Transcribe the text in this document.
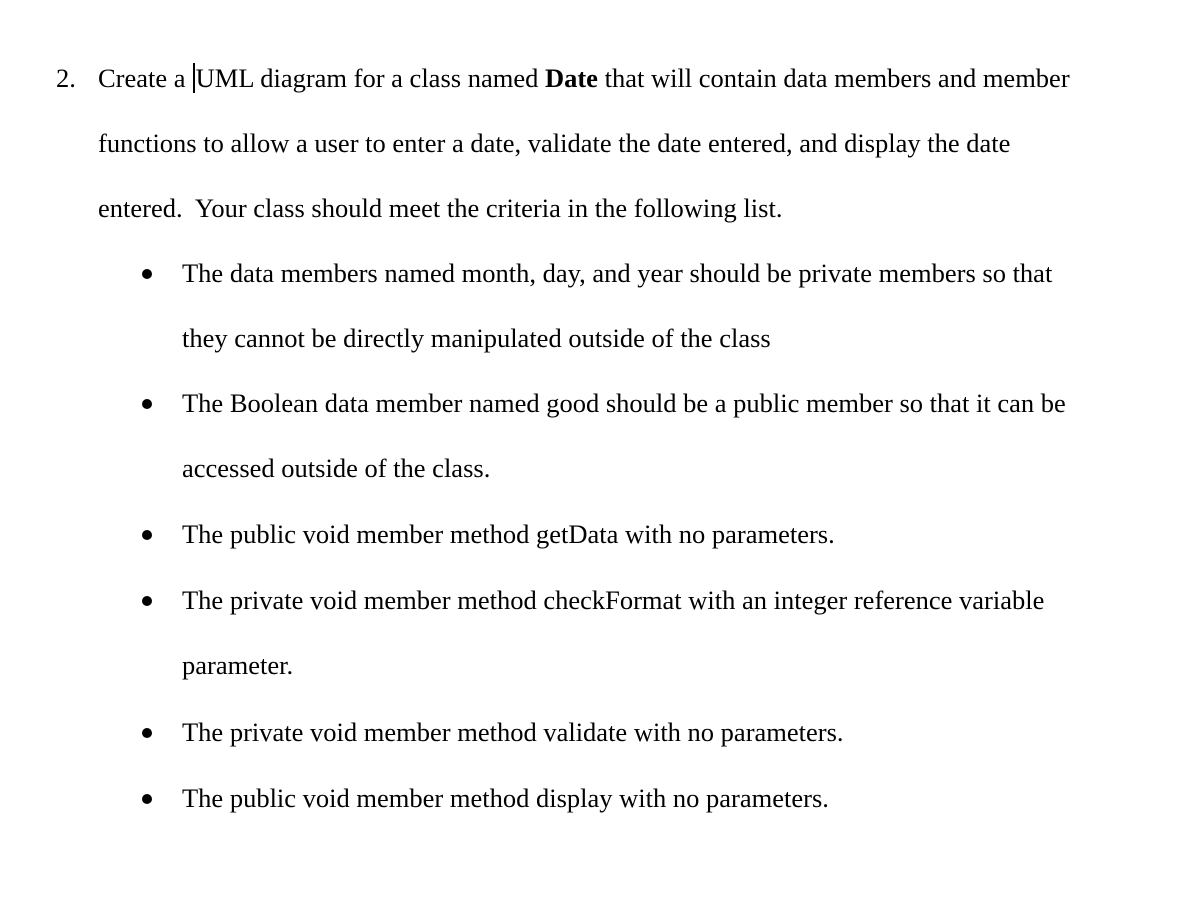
2. Create a UML diagram for a class named Date that will contain data members and member
functions to allow a user to enter a date, validate the date entered, and display the date
entered.  Your class should meet the criteria in the following list.
The data members named month, day, and year should be private members so that
they cannot be directly manipulated outside of the class
The Boolean data member named good should be a public member so that it can be
accessed outside of the class.
The public void member method getData with no parameters.
The private void member method checkFormat with an integer reference variable
parameter.
The private void member method validate with no parameters.
The public void member method display with no parameters.
